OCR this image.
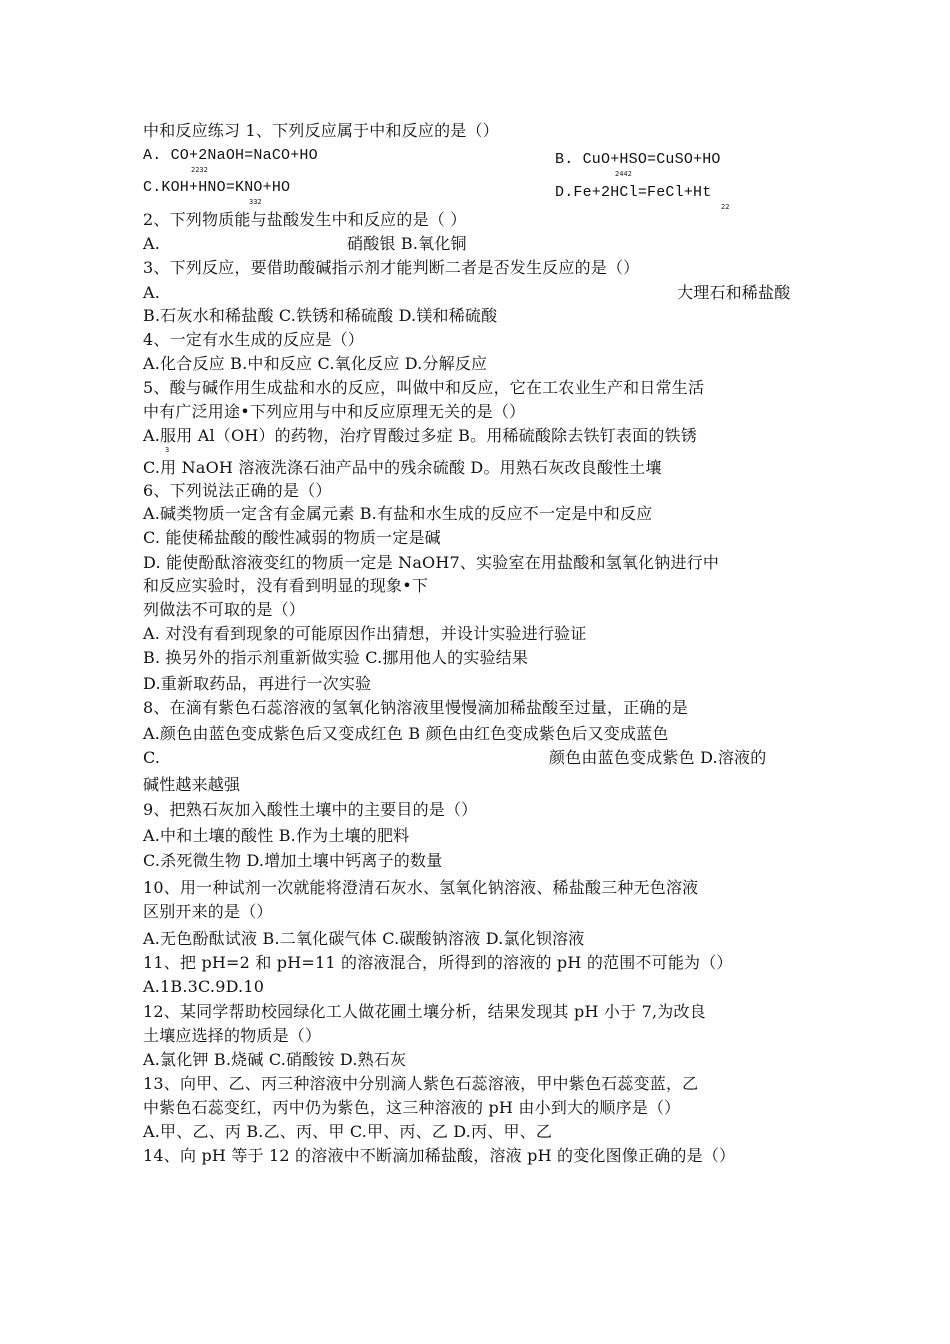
中和反应练习 1、下列反应属于中和反应的是（）
A. CO+2NaOH=NaCO+HO	B. CuO+HSO=CuSO+HO
2232	2442
C.KOH+HNO=KNO+HO	D.Fe+2HCl=FeCl+Ht
332
22
2、下列物质能与盐酸发生中和反应的是（ ）
A.	硝酸银 B.氧化铜
3、下列反应，要借助酸碱指示剂才能判断二者是否发生反应的是（）
A.	大理石和稀盐酸
B.石灰水和稀盐酸 C.铁锈和稀硫酸 D.镁和稀硫酸
4、一定有水生成的反应是（）
A.化合反应 B.中和反应 C.氧化反应 D.分解反应
5、酸与碱作用生成盐和水的反应，叫做中和反应，它在工农业生产和日常生活
中有广泛用途•下列应用与中和反应原理无关的是（）
A.服用 Al（OH）的药物，治疗胃酸过多症 B。用稀硫酸除去铁钉表面的铁锈
3
C.用 NaOH 溶液洗涤石油产品中的残余硫酸 D。用熟石灰改良酸性土壤
6、下列说法正确的是（）
A.碱类物质一定含有金属元素 B.有盐和水生成的反应不一定是中和反应
C. 能使稀盐酸的酸性减弱的物质一定是碱
D. 能使酚酞溶液变红的物质一定是 NaOH7、实验室在用盐酸和氢氧化钠进行中
和反应实验时，没有看到明显的现象•下
列做法不可取的是（）
A. 对没有看到现象的可能原因作出猜想，并设计实验进行验证
B. 换另外的指示剂重新做实验 C.挪用他人的实验结果
D.重新取药品，再进行一次实验
8、在滴有紫色石蕊溶液的氢氧化钠溶液里慢慢滴加稀盐酸至过量，正确的是
A.颜色由蓝色变成紫色后又变成红色 B 颜色由红色变成紫色后又变成蓝色
C.	颜色由蓝色变成紫色 D.溶液的
碱性越来越强
9、把熟石灰加入酸性土壤中的主要目的是（）
A.中和土壤的酸性 B.作为土壤的肥料
C.杀死微生物 D.增加土壤中钙离子的数量
10、用一种试剂一次就能将澄清石灰水、氢氧化钠溶液、稀盐酸三种无色溶液
区别开来的是（）
A.无色酚酞试液 B.二氧化碳气体 C.碳酸钠溶液 D.氯化钡溶液
11、把 pH=2 和 pH=11 的溶液混合，所得到的溶液的 pH 的范围不可能为（）
A.1B.3C.9D.10
12、某同学帮助校园绿化工人做花圃土壤分析，结果发现其 pH 小于 7,为改良
土壤应选择的物质是（）
A.氯化钾 B.烧碱 C.硝酸铵 D.熟石灰
13、向甲、乙、丙三种溶液中分别滴人紫色石蕊溶液，甲中紫色石蕊变蓝，乙
中紫色石蕊变红，丙中仍为紫色，这三种溶液的 pH 由小到大的顺序是（）
A.甲、乙、丙 B.乙、丙、甲 C.甲、丙、乙 D.丙、甲、乙
14、向 pH 等于 12 的溶液中不断滴加稀盐酸，溶液 pH 的变化图像正确的是（）
